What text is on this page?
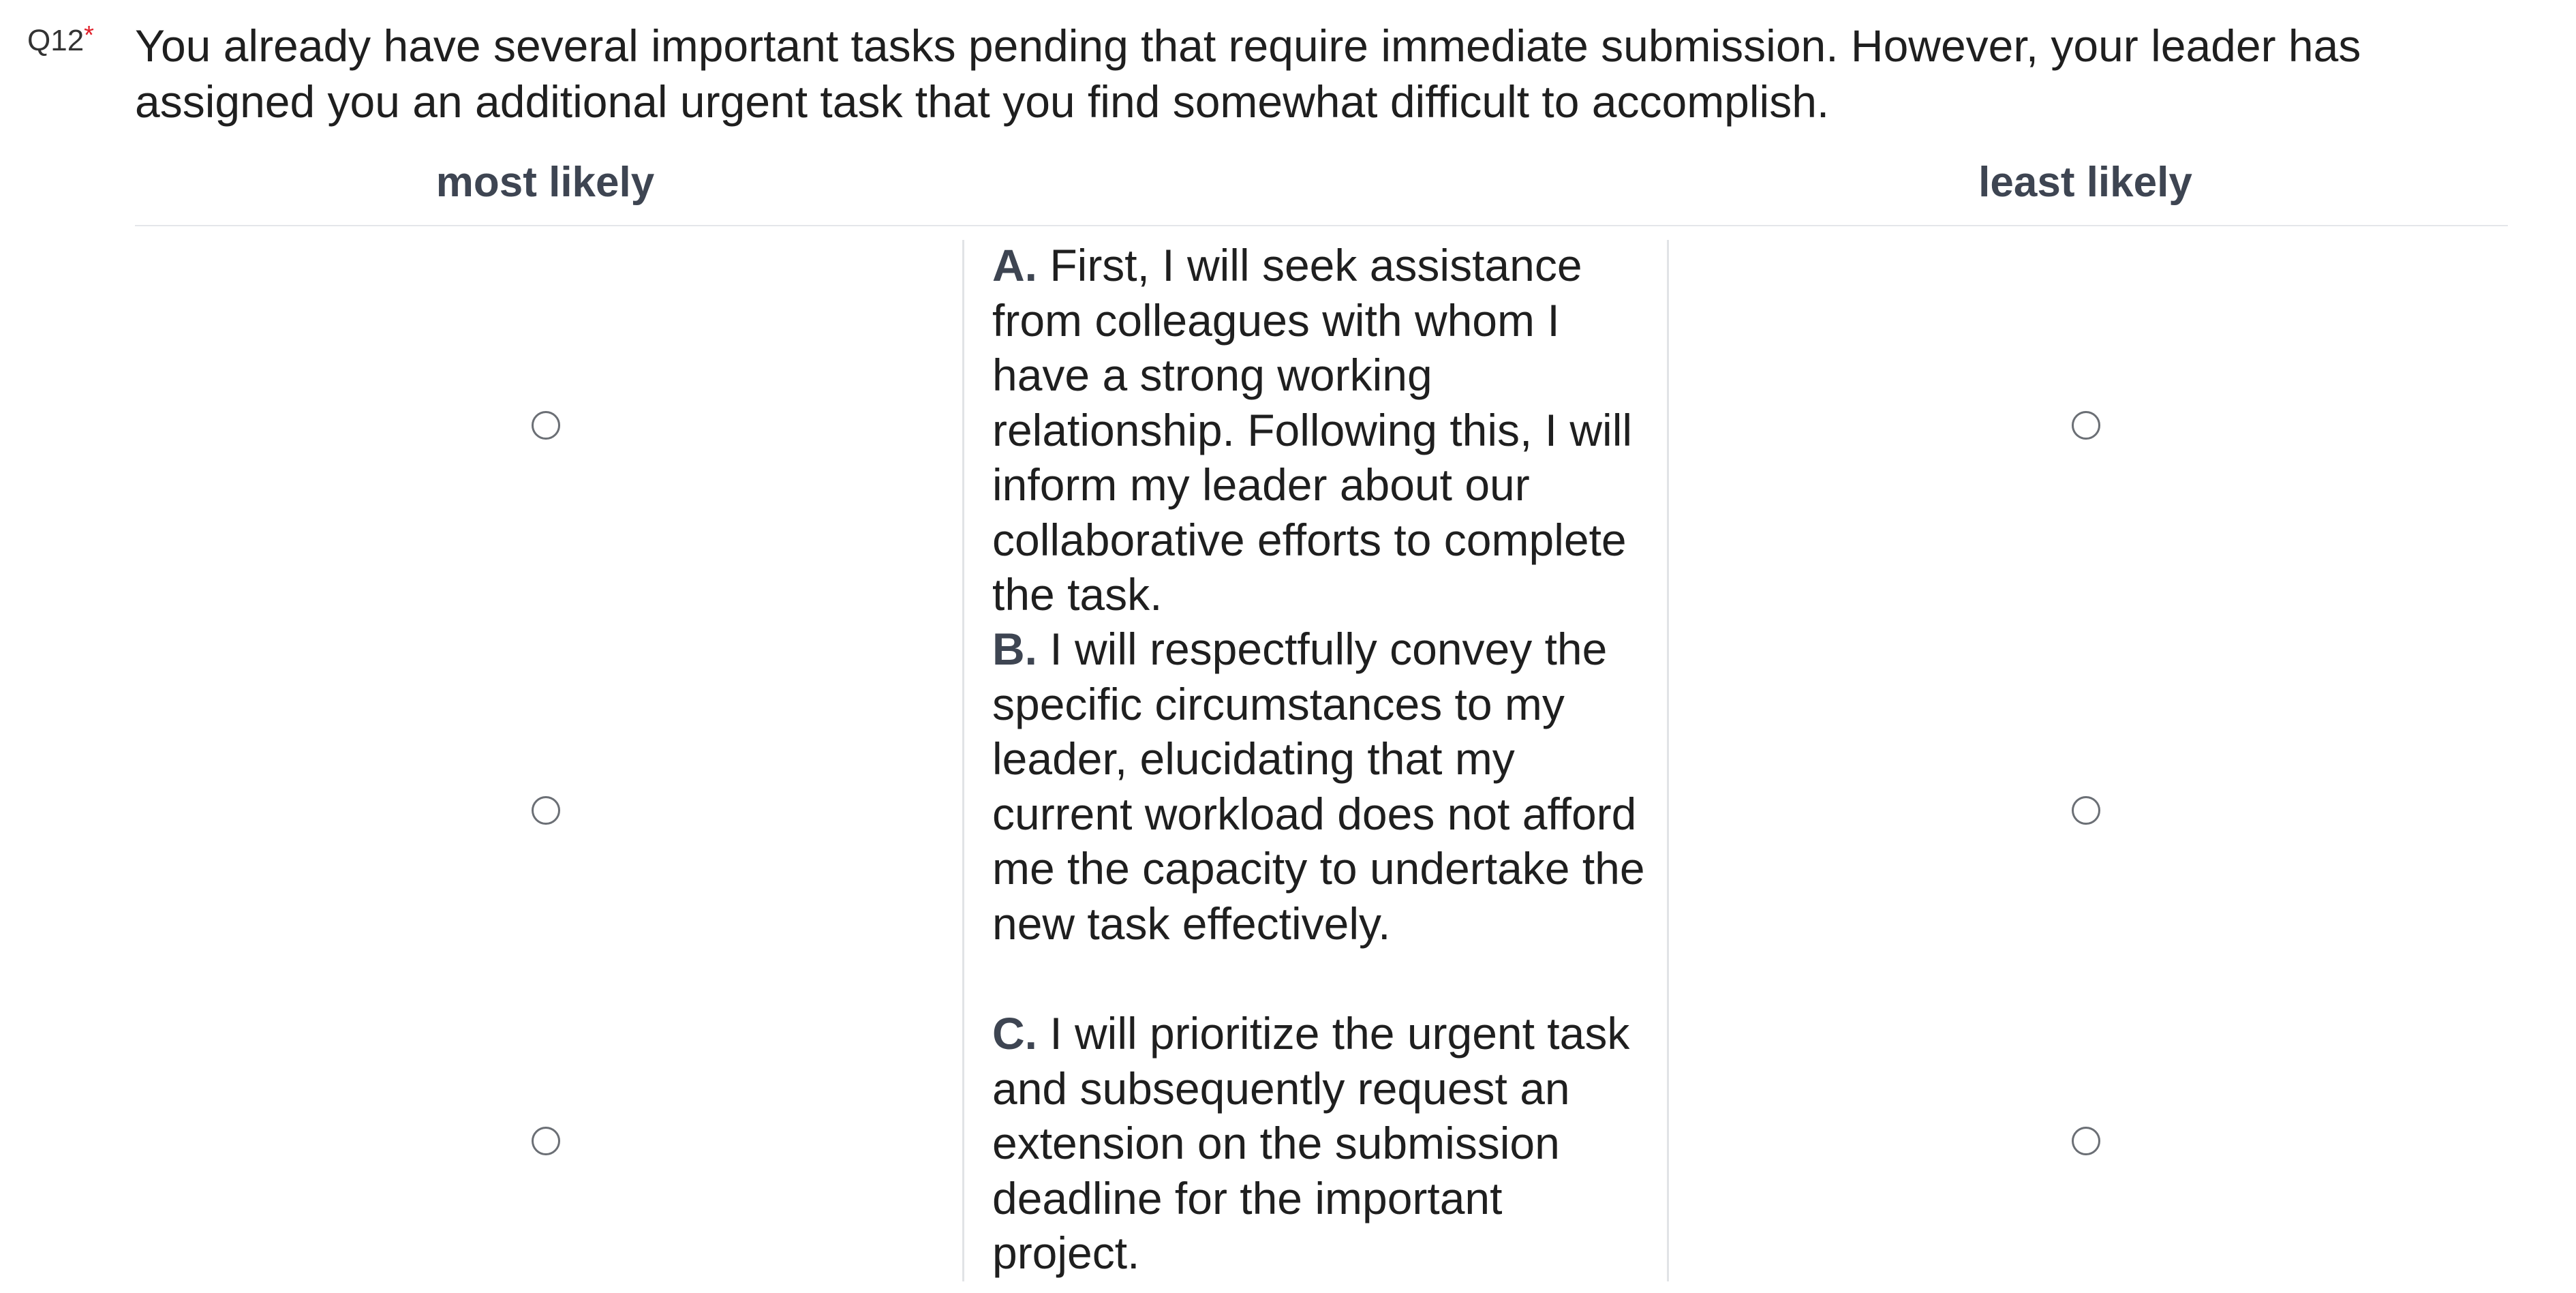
Q12* You already have several important tasks pending that require immediate submission. However, your leader has assigned you an additional urgent task that you find somewhat difficult to accomplish.
most likely	least likely
A. First, I will seek assistance from colleagues with whom I have a strong working relationship. Following this, I will inform my leader about our collaborative efforts to complete the task.
B. I will respectfully convey the specific circumstances to my leader, elucidating that my current workload does not afford me the capacity to undertake the new task effectively.
C. I will prioritize the urgent task and subsequently request an extension on the submission deadline for the important project.
